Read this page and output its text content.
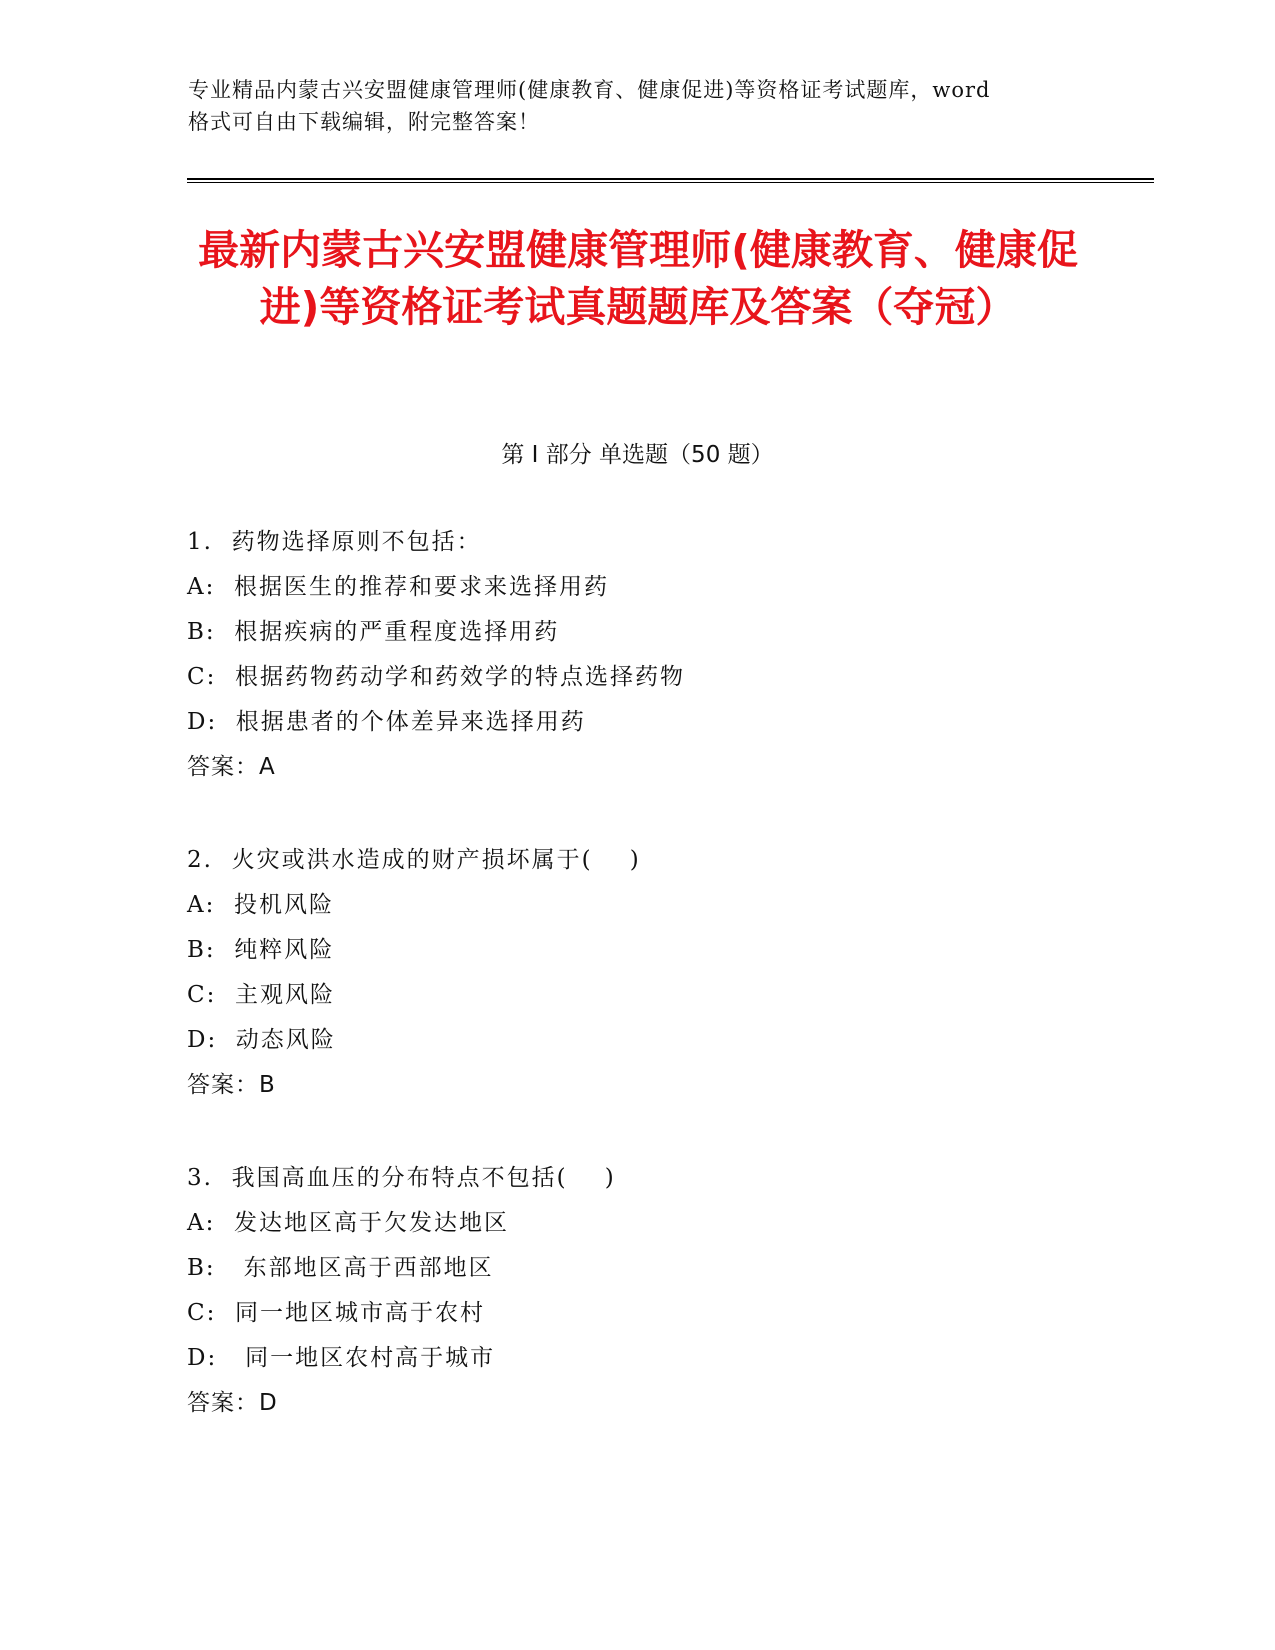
专业精品内蒙古兴安盟健康管理师(健康教育、健康促进)等资格证考试题库，word
格式可自由下载编辑，附完整答案！
最新内蒙古兴安盟健康管理师(健康教育、健康促进)等资格证考试真题题库及答案（夺冠）
第 I 部分 单选题（50 题）
1.  药物选择原则不包括：
A:  根据医生的推荐和要求来选择用药
B:  根据疾病的严重程度选择用药
C:  根据药物药动学和药效学的特点选择药物
D:  根据患者的个体差异来选择用药
答案：A
2.  火灾或洪水造成的财产损坏属于(    )
A:  投机风险
B:  纯粹风险
C:  主观风险
D:  动态风险
答案：B
3.  我国高血压的分布特点不包括(    )
A:  发达地区高于欠发达地区
B:   东部地区高于西部地区
C:  同一地区城市高于农村
D:   同一地区农村高于城市
答案：D
